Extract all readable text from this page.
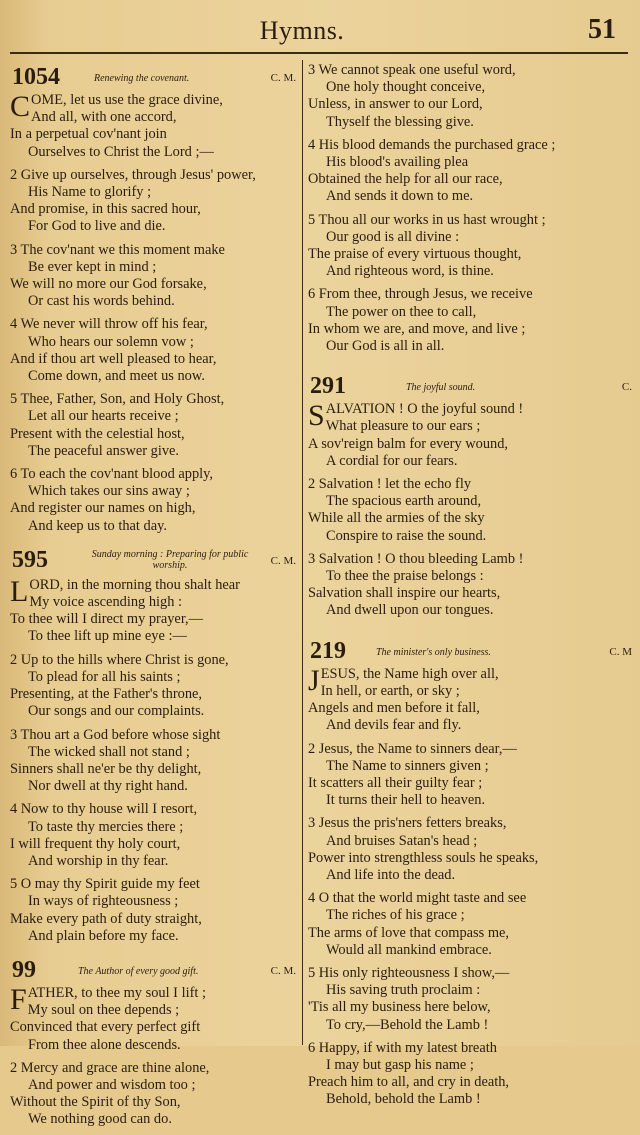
Hymns.	51
1054	Renewing the covenant.	C. M.
C OME, let us use the grace divine,
And all, with one accord,
In a perpetual cov'nant join
Ourselves to Christ the Lord ;—
2 Give up ourselves, through Jesus' power,
His Name to glorify ;
And promise, in this sacred hour,
For God to live and die.
3 The cov'nant we this moment make
Be ever kept in mind ;
We will no more our God forsake,
Or cast his words behind.
4 We never will throw off his fear,
Who hears our solemn vow ;
And if thou art well pleased to hear,
Come down, and meet us now.
5 Thee, Father, Son, and Holy Ghost,
Let all our hearts receive ;
Present with the celestial host,
The peaceful answer give.
6 To each the cov'nant blood apply,
Which takes our sins away ;
And register our names on high,
And keep us to that day.
595	Sunday morning : Preparing for public worship.	C. M.
L ORD, in the morning thou shalt hear
My voice ascending high :
To thee will I direct my prayer,—
To thee lift up mine eye :—
2 Up to the hills where Christ is gone,
To plead for all his saints ;
Presenting, at the Father's throne,
Our songs and our complaints.
3 Thou art a God before whose sight
The wicked shall not stand ;
Sinners shall ne'er be thy delight,
Nor dwell at thy right hand.
4 Now to thy house will I resort,
To taste thy mercies there ;
I will frequent thy holy court,
And worship in thy fear.
5 O may thy Spirit guide my feet
In ways of righteousness ;
Make every path of duty straight,
And plain before my face.
99	The Author of every good gift.	C. M.
F ATHER, to thee my soul I lift ;
My soul on thee depends ;
Convinced that every perfect gift
From thee alone descends.
2 Mercy and grace are thine alone,
And power and wisdom too ;
Without the Spirit of thy Son,
We nothing good can do.
3 We cannot speak one useful word,
One holy thought conceive,
Unless, in answer to our Lord,
Thyself the blessing give.
4 His blood demands the purchased grace ;
His blood's availing plea
Obtained the help for all our race,
And sends it down to me.
5 Thou all our works in us hast wrought ;
Our good is all divine :
The praise of every virtuous thought,
And righteous word, is thine.
6 From thee, through Jesus, we receive
The power on thee to call,
In whom we are, and move, and live ;
Our God is all in all.
291	The joyful sound.	C.
S ALVATION ! O the joyful sound !
What pleasure to our ears ;
A sov'reign balm for every wound,
A cordial for our fears.
2 Salvation ! let the echo fly
The spacious earth around,
While all the armies of the sky
Conspire to raise the sound.
3 Salvation ! O thou bleeding Lamb !
To thee the praise belongs :
Salvation shall inspire our hearts,
And dwell upon our tongues.
219	The minister's only business.	C. M
J ESUS, the Name high over all,
In hell, or earth, or sky ;
Angels and men before it fall,
And devils fear and fly.
2 Jesus, the Name to sinners dear,—
The Name to sinners given ;
It scatters all their guilty fear ;
It turns their hell to heaven.
3 Jesus the pris'ners fetters breaks,
And bruises Satan's head ;
Power into strengthless souls he speaks,
And life into the dead.
4 O that the world might taste and see
The riches of his grace ;
The arms of love that compass me,
Would all mankind embrace.
5 His only righteousness I show,—
His saving truth proclaim :
'Tis all my business here below,
To cry,—Behold the Lamb !
6 Happy, if with my latest breath
I may but gasp his name ;
Preach him to all, and cry in death,
Behold, behold the Lamb !
